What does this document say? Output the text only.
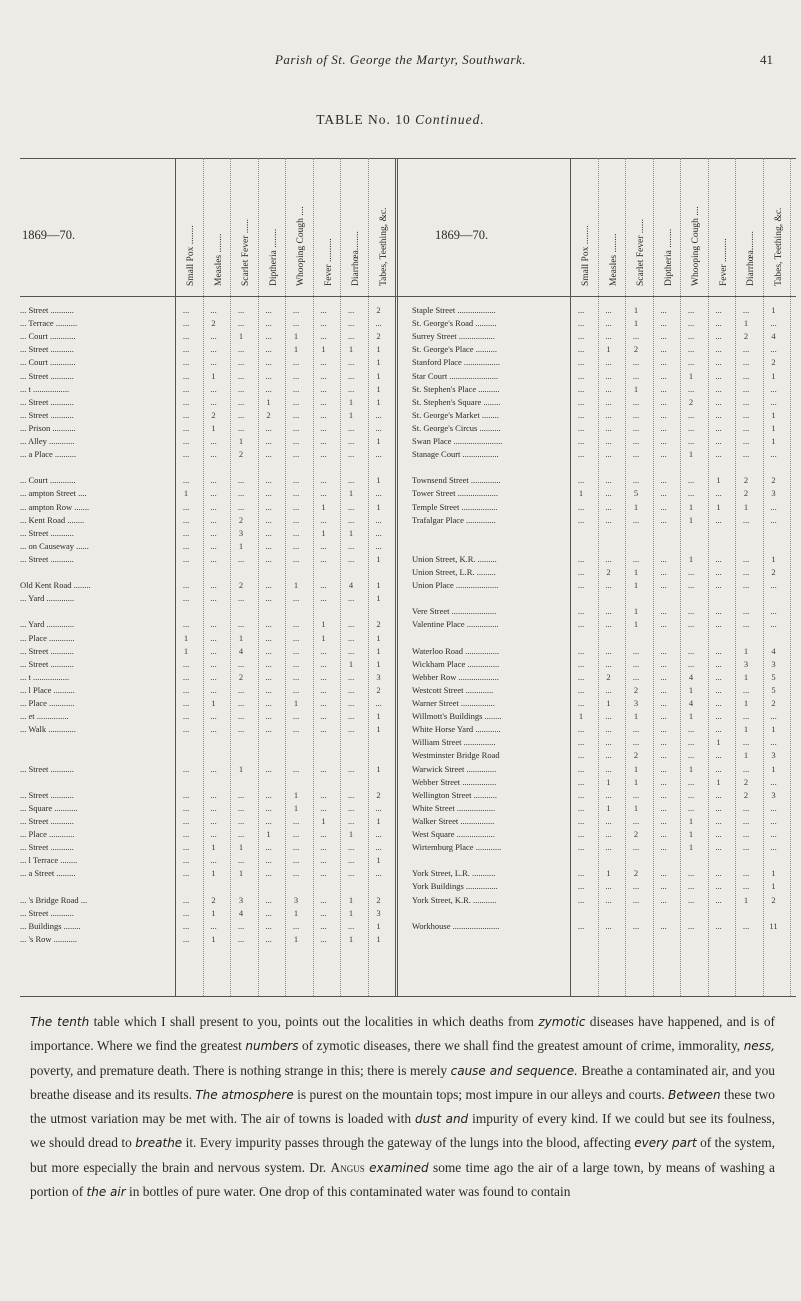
Parish of St. George the Martyr, Southwark.	41
TABLE No. 10 Continued.
1869—70.	Small Pox ........ Measles ........ Scarlet Fever ...... Diptheria ........ Whooping Cough .... Fever .......... Diarrhœa........ Tabes, Teething, &c.
... Street ...........	...	...	...	...	...	...	...	2
... Terrace ..........	...	2	...	...	...	...	...	...
... Court ............	...	...	1	...	1	...	...	2
... Street ...........	...	...	...	...	1	1	1	1
... Court ............	...	...	...	...	...	...	...	1
... Street ...........	...	1	...	...	...	...	...	1
... t .................	...	...	...	...	...	...	...	1
... Street ...........	...	...	...	1	...	...	1	1
... Street ...........	...	2	...	2	...	...	1	...
... Prison ...........	...	1	...	...	...	...	...	...
... Alley ............	...	...	1	...	...	...	...	1
... a Place ..........	...	...	2	...	...	...	...	...
... Court ............	...	...	...	...	...	...	...	1
... ampton Street ....	1	...	...	...	...	...	1	...
... ampton Row .......	...	...	...	...	...	1	...	1
... Kent Road ........	...	...	2	...	...	...	...	...
... Street ...........	...	...	3	...	...	1	1	...
... on Causeway ......	...	...	1	...	...	...	...	...
... Street ...........	...	...	...	...	...	...	...	1
Old Kent Road ........	...	...	2	...	1	...	4	1
... Yard .............	...	...	...	...	...	...	...	1
... Yard .............	...	...	...	...	...	1	...	2
... Place ............	1	...	1	...	...	1	...	1
... Street ...........	1	...	4	...	...	...	...	1
... Street ...........	...	...	...	...	...	...	1	1
... t .................	...	...	2	...	...	...	...	3
... l Place ..........	...	...	...	...	...	...	...	2
... Place ............	...	1	...	...	1	...	...	...
... et ...............	...	...	...	...	...	...	...	1
... Walk .............	...	...	...	...	...	...	...	1
... Street ...........	...	...	1	...	...	...	...	1
... Street ...........	...	...	...	...	1	...	...	2
... Square ...........	...	...	...	...	1	...	...	...
... Street ...........	...	...	...	...	...	1	...	1
... Place ............	...	...	...	1	...	...	1	...
... Street ...........	...	1	1	...	...	...	...	...
... l Terrace ........	...	...	...	...	...	...	...	1
... a Street .........	...	1	1	...	...	...	...	...
... 's Bridge Road ...	...	2	3	...	3	...	1	2
... Street ...........	...	1	4	...	1	...	1	3
... Buildings ........	...	...	...	...	...	...	...	1
... 's Row ...........	...	1	...	...	1	...	1	1
1869—70.	Small Pox ........ Measles ........ Scarlet Fever ...... Diptheria ........ Whooping Cough .... Fever .......... Diarrhœa........ Tabes, Teething, &c.
Staple Street ..................	...	...	1	...	...	...	...	1
St. George's Road ..........	...	...	1	...	...	...	1	...
Surrey Street .................	...	...	...	...	...	...	2	4
St. George's Place ..........	...	1	2	...	...	...	...	...
Stanford Place .................	...	...	...	...	...	...	...	2
Star Court .......................	...	...	...	...	1	...	...	1
St. Stephen's Place ..........	...	...	1	...	...	...	...	...
St. Stephen's Square ........	...	...	...	...	2	...	...	...
St. George's Market ........	...	...	...	...	...	...	...	1
St. George's Circus ..........	...	...	...	...	...	...	...	1
Swan Place .......................	...	...	...	...	...	...	...	1
Stanage Court .................	...	...	...	...	1	...	...	...
Townsend Street ..............	...	...	...	...	...	1	2	2
Tower Street ...................	1	...	5	...	...	...	2	3
Temple Street .................	...	...	1	...	1	1	1	...
Trafalgar Place ..............	...	...	...	...	1	...	...	...
Union Street, K.R. .........	...	...	...	...	1	...	...	1
Union Street, L.R. .........	...	2	1	...	...	...	...	2
Union Place ....................	...	...	1	...	...	...	...	...
Vere Street .....................	...	...	1	...	...	...	...	...
Valentine Place ...............	...	...	1	...	...	...	...	...
Waterloo Road ................	...	...	...	...	...	...	1	4
Wickham Place ...............	...	...	...	...	...	...	3	3
Webber Row ...................	...	2	...	...	4	...	1	5
Westcott Street .............	...	...	2	...	1	...	...	5
Warner Street ................	...	1	3	...	4	...	1	2
Willmott's Buildings ........	1	...	1	...	1	...	...	...
White Horse Yard ............	...	...	...	...	...	...	1	1
William Street ...............	...	...	...	...	...	1	...	...
Westminster Bridge Road	...	...	2	...	...	...	1	3
Warwick Street ..............	...	...	1	...	1	...	...	1
Webber Street ................	...	1	1	...	...	1	2	...
Wellington Street ...........	...	...	...	...	...	...	2	3
White Street ..................	...	1	1	...	...	...	...	...
Walker Street ................	...	...	...	...	1	...	...	...
West Square ..................	...	...	2	...	1	...	...	...
Wirtemburg Place ............	...	...	...	...	1	...	...	...
York Street, L.R. ...........	...	1	2	...	...	...	...	1
York Buildings ...............	...	...	...	...	...	...	...	1
York Street, K.R. ...........	...	...	...	...	...	...	1	2
Workhouse ......................	...	...	...	...	...	...	...	11
The tenth table which I shall present to you, points out the localities in which deaths from zymotic diseases have happened, and is of importance. Where we find the greatest numbers of zymotic diseases, there we shall find the greatest amount of crime, immorality, ness, poverty, and premature death. There is nothing strange in this; there is merely cause and sequence. Breathe a contaminated air, and you breathe disease and its results. The atmosphere is purest on the mountain tops; most impure in our alleys and courts. Between these two the utmost variation may be met with. The air of towns is loaded with dust and impurity of every kind. If we could but see its foulness, we should dread to breathe it. Every impurity passes through the gateway of the lungs into the blood, affecting every part of the system, but more especially the brain and nervous system. Dr. Angus examined some time ago the air of a large town, by means of washing a portion of the air in bottles of pure water. One drop of this contaminated water was found to contain
